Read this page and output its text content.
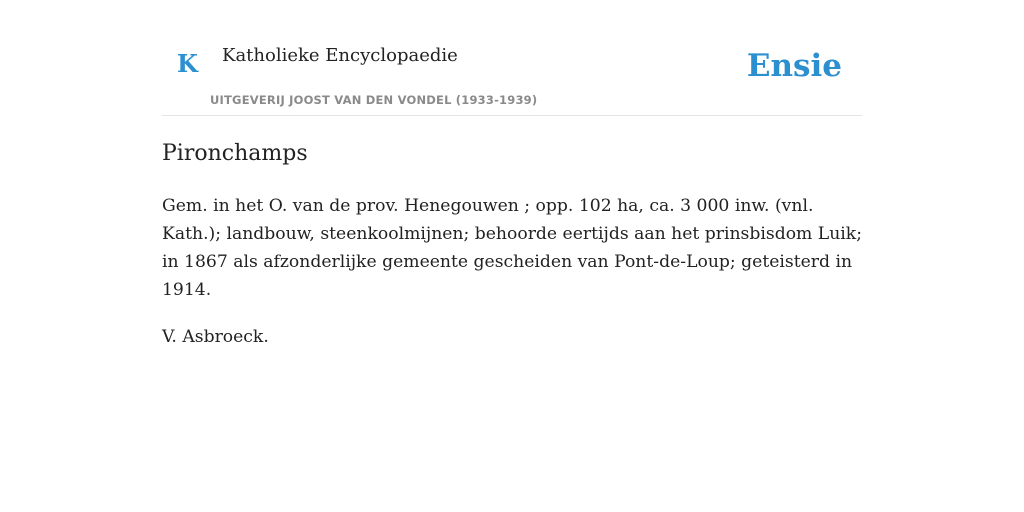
K Katholieke Encyclopaedie
UITGEVERIJ JOOST VAN DEN VONDEL (1933-1939)
Ensie
Pironchamps

Gem. in het O. van de prov. Henegouwen ; opp. 102 ha, ca. 3 000 inw. (vnl. Kath.); landbouw, steenkoolmijnen; behoorde eertijds aan het prinsbisdom Luik; in 1867 als afzonderlijke gemeente gescheiden van Pont-de-Loup; geteisterd in 1914.

V. Asbroeck.
